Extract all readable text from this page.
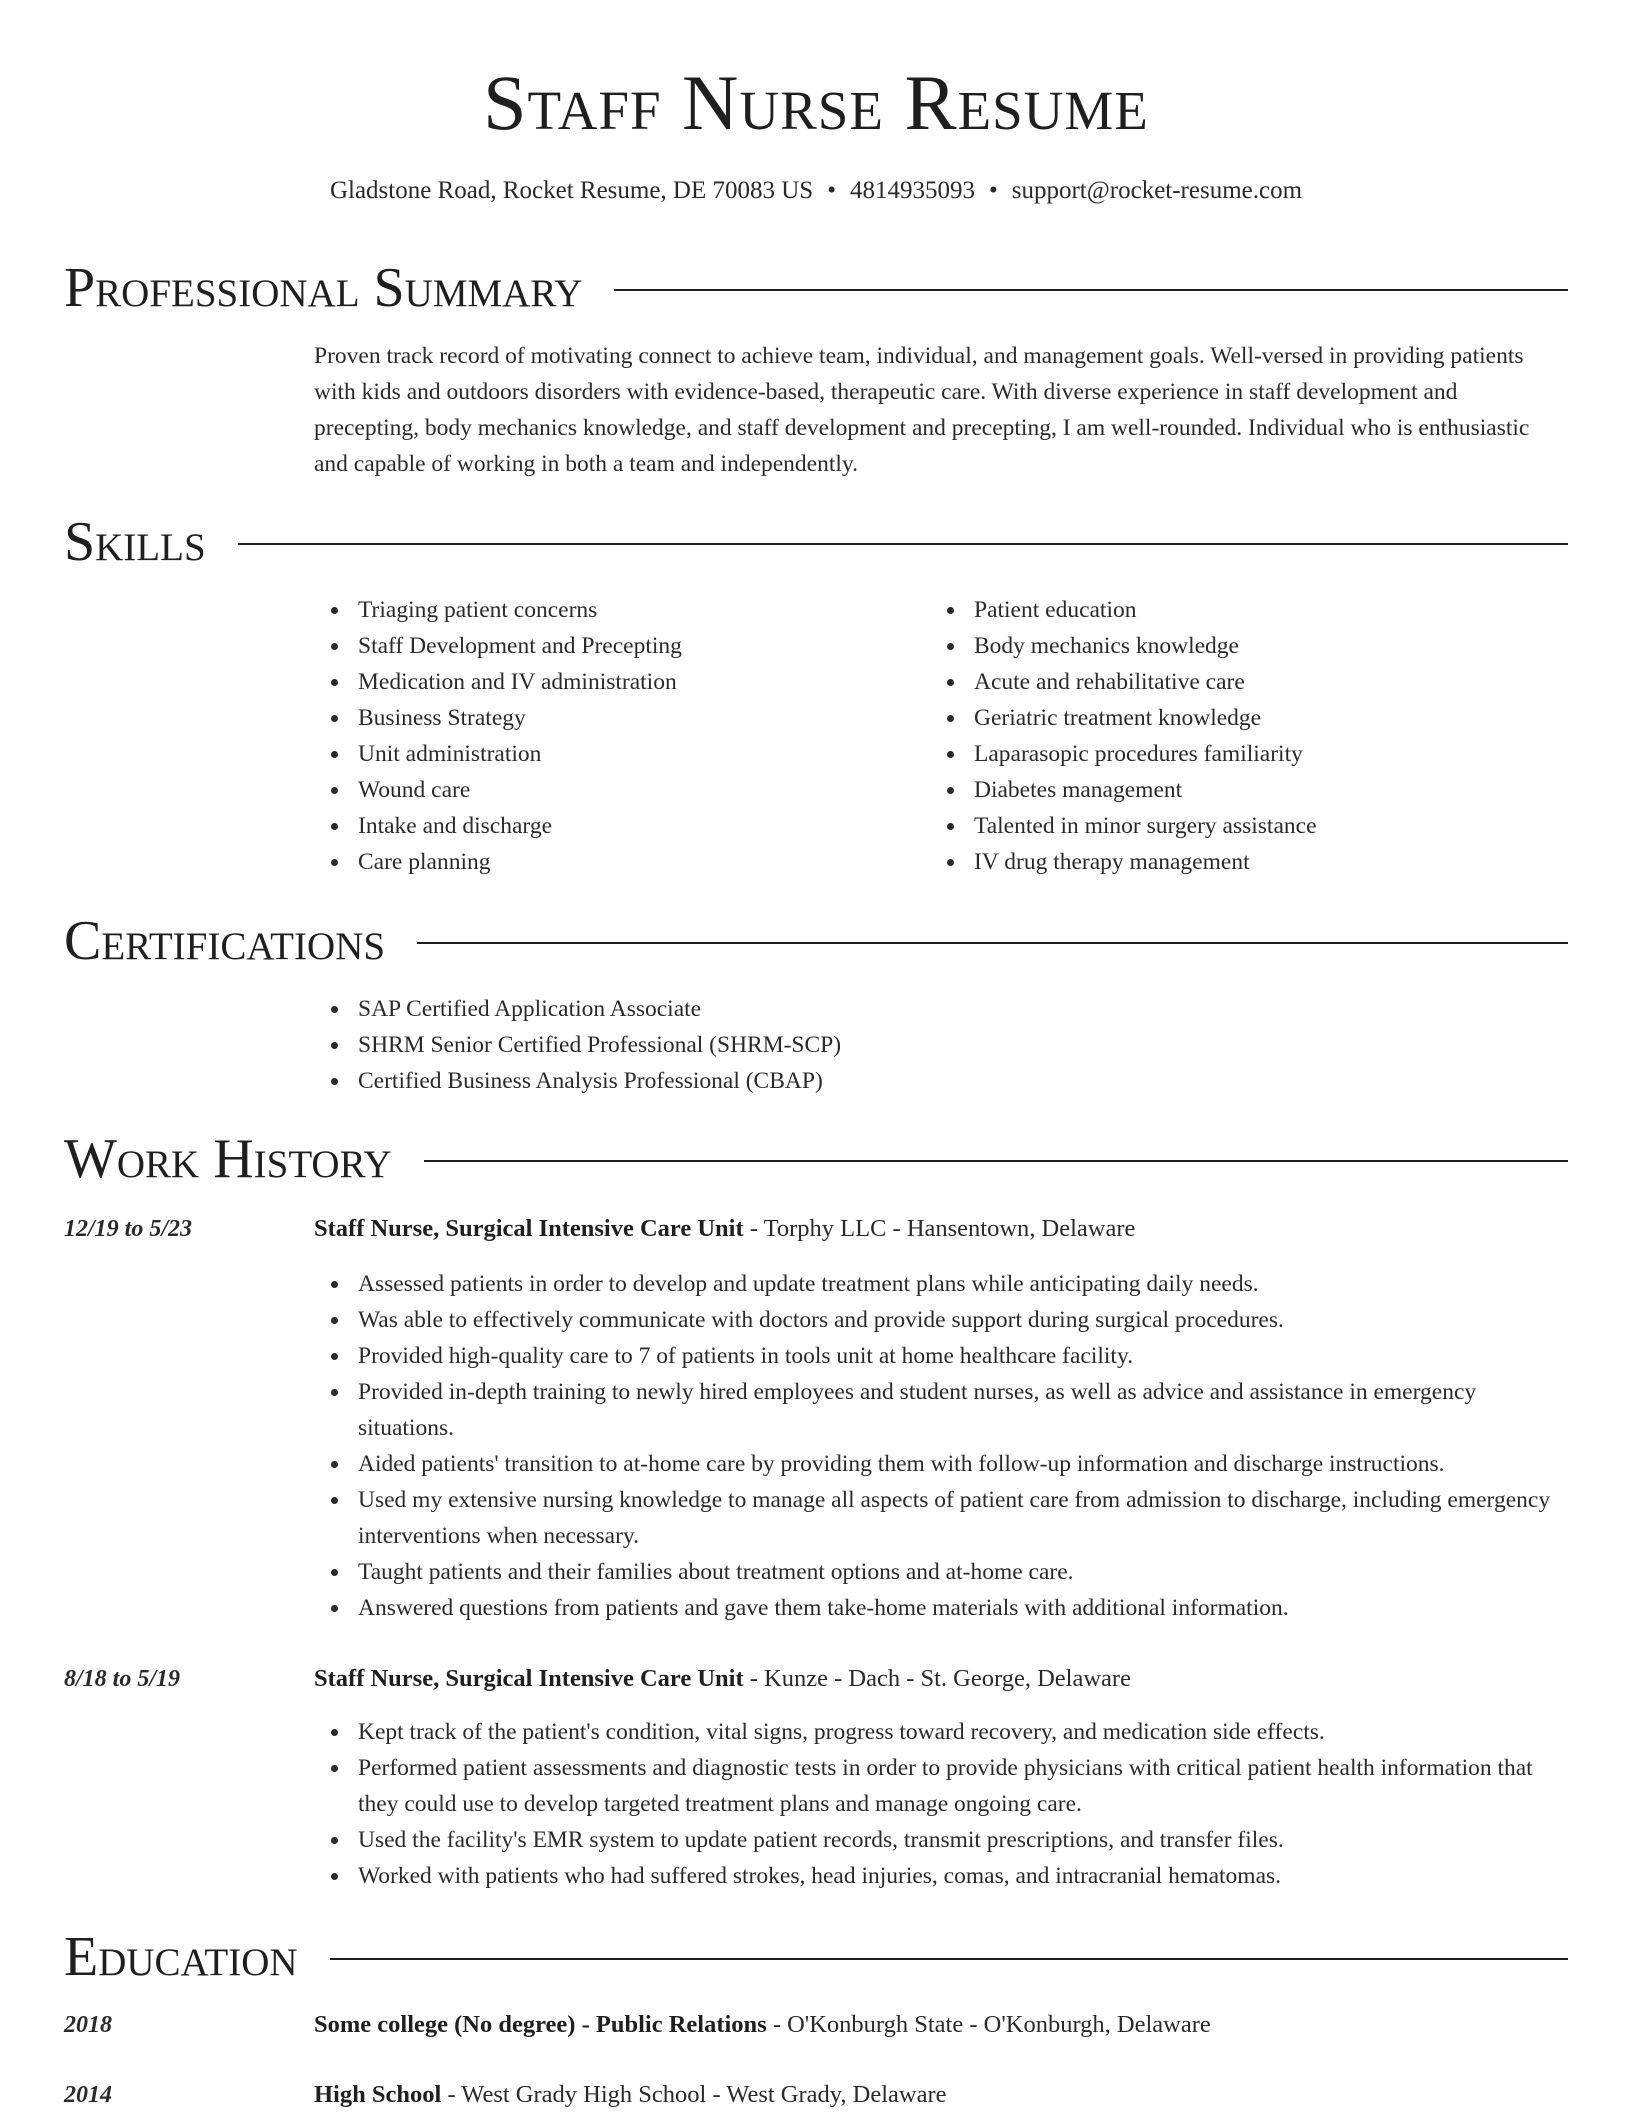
Staff Nurse Resume
Gladstone Road, Rocket Resume, DE 70083 US • 4814935093 • support@rocket-resume.com
Professional Summary
Proven track record of motivating connect to achieve team, individual, and management goals. Well-versed in providing patients with kids and outdoors disorders with evidence-based, therapeutic care. With diverse experience in staff development and precepting, body mechanics knowledge, and staff development and precepting, I am well-rounded. Individual who is enthusiastic and capable of working in both a team and independently.
Skills
Triaging patient concerns
Staff Development and Precepting
Medication and IV administration
Business Strategy
Unit administration
Wound care
Intake and discharge
Care planning
Patient education
Body mechanics knowledge
Acute and rehabilitative care
Geriatric treatment knowledge
Laparasopic procedures familiarity
Diabetes management
Talented in minor surgery assistance
IV drug therapy management
Certifications
SAP Certified Application Associate
SHRM Senior Certified Professional (SHRM-SCP)
Certified Business Analysis Professional (CBAP)
Work History
12/19 to 5/23	Staff Nurse, Surgical Intensive Care Unit - Torphy LLC - Hansentown, Delaware
Assessed patients in order to develop and update treatment plans while anticipating daily needs.
Was able to effectively communicate with doctors and provide support during surgical procedures.
Provided high-quality care to 7 of patients in tools unit at home healthcare facility.
Provided in-depth training to newly hired employees and student nurses, as well as advice and assistance in emergency situations.
Aided patients' transition to at-home care by providing them with follow-up information and discharge instructions.
Used my extensive nursing knowledge to manage all aspects of patient care from admission to discharge, including emergency interventions when necessary.
Taught patients and their families about treatment options and at-home care.
Answered questions from patients and gave them take-home materials with additional information.
8/18 to 5/19	Staff Nurse, Surgical Intensive Care Unit - Kunze - Dach - St. George, Delaware
Kept track of the patient's condition, vital signs, progress toward recovery, and medication side effects.
Performed patient assessments and diagnostic tests in order to provide physicians with critical patient health information that they could use to develop targeted treatment plans and manage ongoing care.
Used the facility's EMR system to update patient records, transmit prescriptions, and transfer files.
Worked with patients who had suffered strokes, head injuries, comas, and intracranial hematomas.
Education
2018	Some college (No degree) - Public Relations - O'Konburgh State - O'Konburgh, Delaware
2014	High School - West Grady High School - West Grady, Delaware
